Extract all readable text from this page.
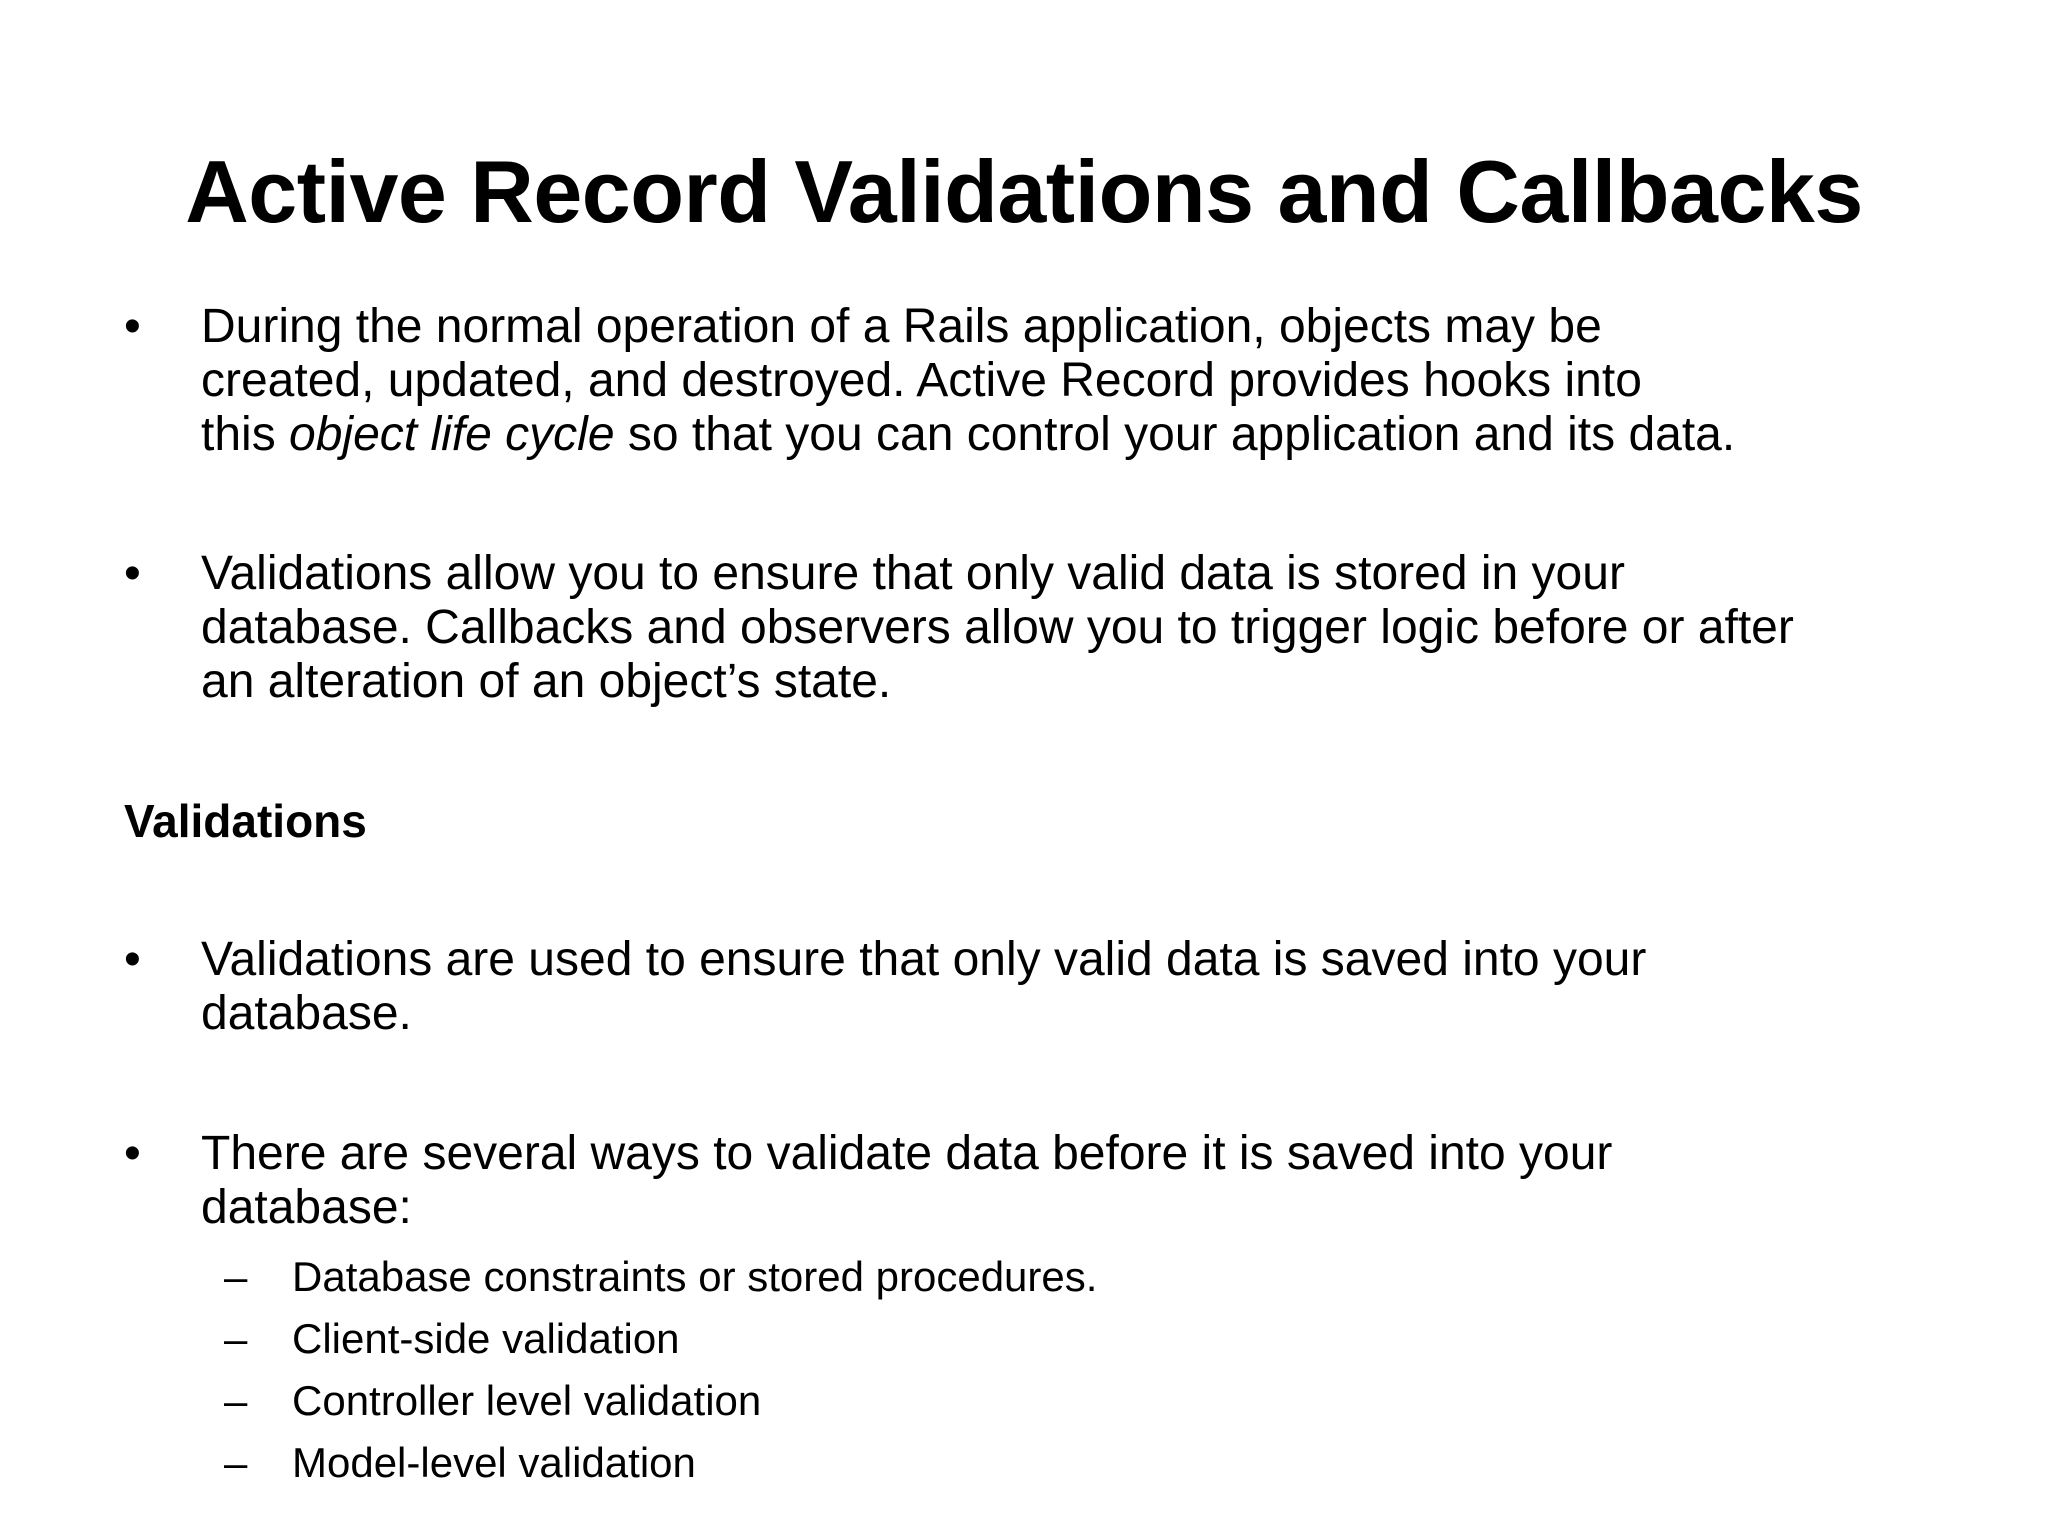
Active Record Validations and Callbacks
•	During the normal operation of a Rails application, objects may be
created, updated, and destroyed. Active Record provides hooks into
this object life cycle so that you can control your application and its data.
•	Validations allow you to ensure that only valid data is stored in your
database. Callbacks and observers allow you to trigger logic before or after
an alteration of an object’s state.
Validations
•	Validations are used to ensure that only valid data is saved into your
database.
•	There are several ways to validate data before it is saved into your
database:
– Database constraints or stored procedures.
– Client-side validation
– Controller level validation
– Model-level validation
